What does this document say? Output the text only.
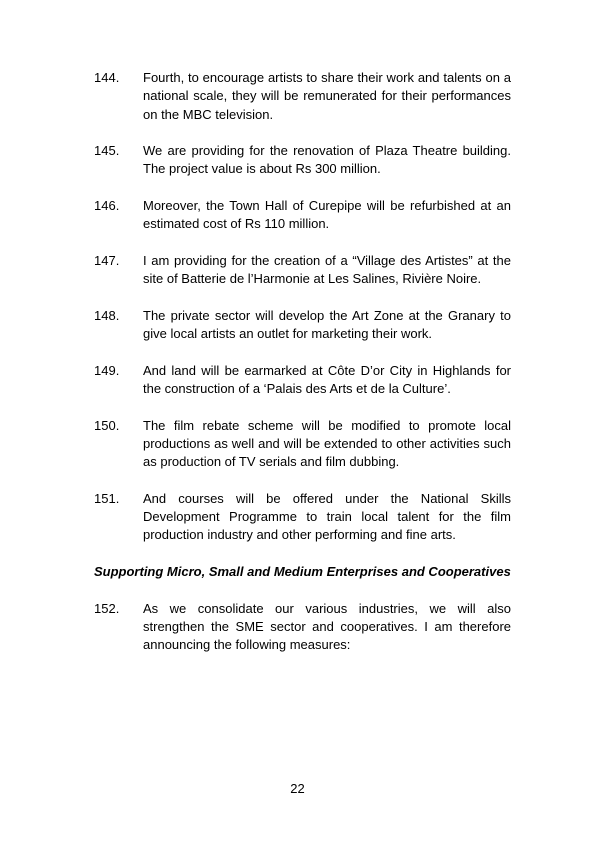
144.	Fourth, to encourage artists to share their work and talents on a national scale, they will be remunerated for their performances on the MBC television.
145.	We are providing for the renovation of Plaza Theatre building. The project value is about Rs 300 million.
146.	Moreover, the Town Hall of Curepipe will be refurbished at an estimated cost of Rs 110 million.
147.	I am providing for the creation of a “Village des Artistes” at the site of Batterie de l’Harmonie at Les Salines, Rivière Noire.
148.	The private sector will develop the Art Zone at the Granary to give local artists an outlet for marketing their work.
149.	And land will be earmarked at Côte D’or City in Highlands for the construction of a ‘Palais des Arts et de la Culture’.
150.	The film rebate scheme will be modified to promote local productions as well and will be extended to other activities such as production of TV serials and film dubbing.
151.	And courses will be offered under the National Skills Development Programme to train local talent for the film production industry and other performing and fine arts.
Supporting Micro, Small and Medium Enterprises and Cooperatives
152.	As we consolidate our various industries, we will also strengthen the SME sector and cooperatives. I am therefore announcing the following measures:
22
